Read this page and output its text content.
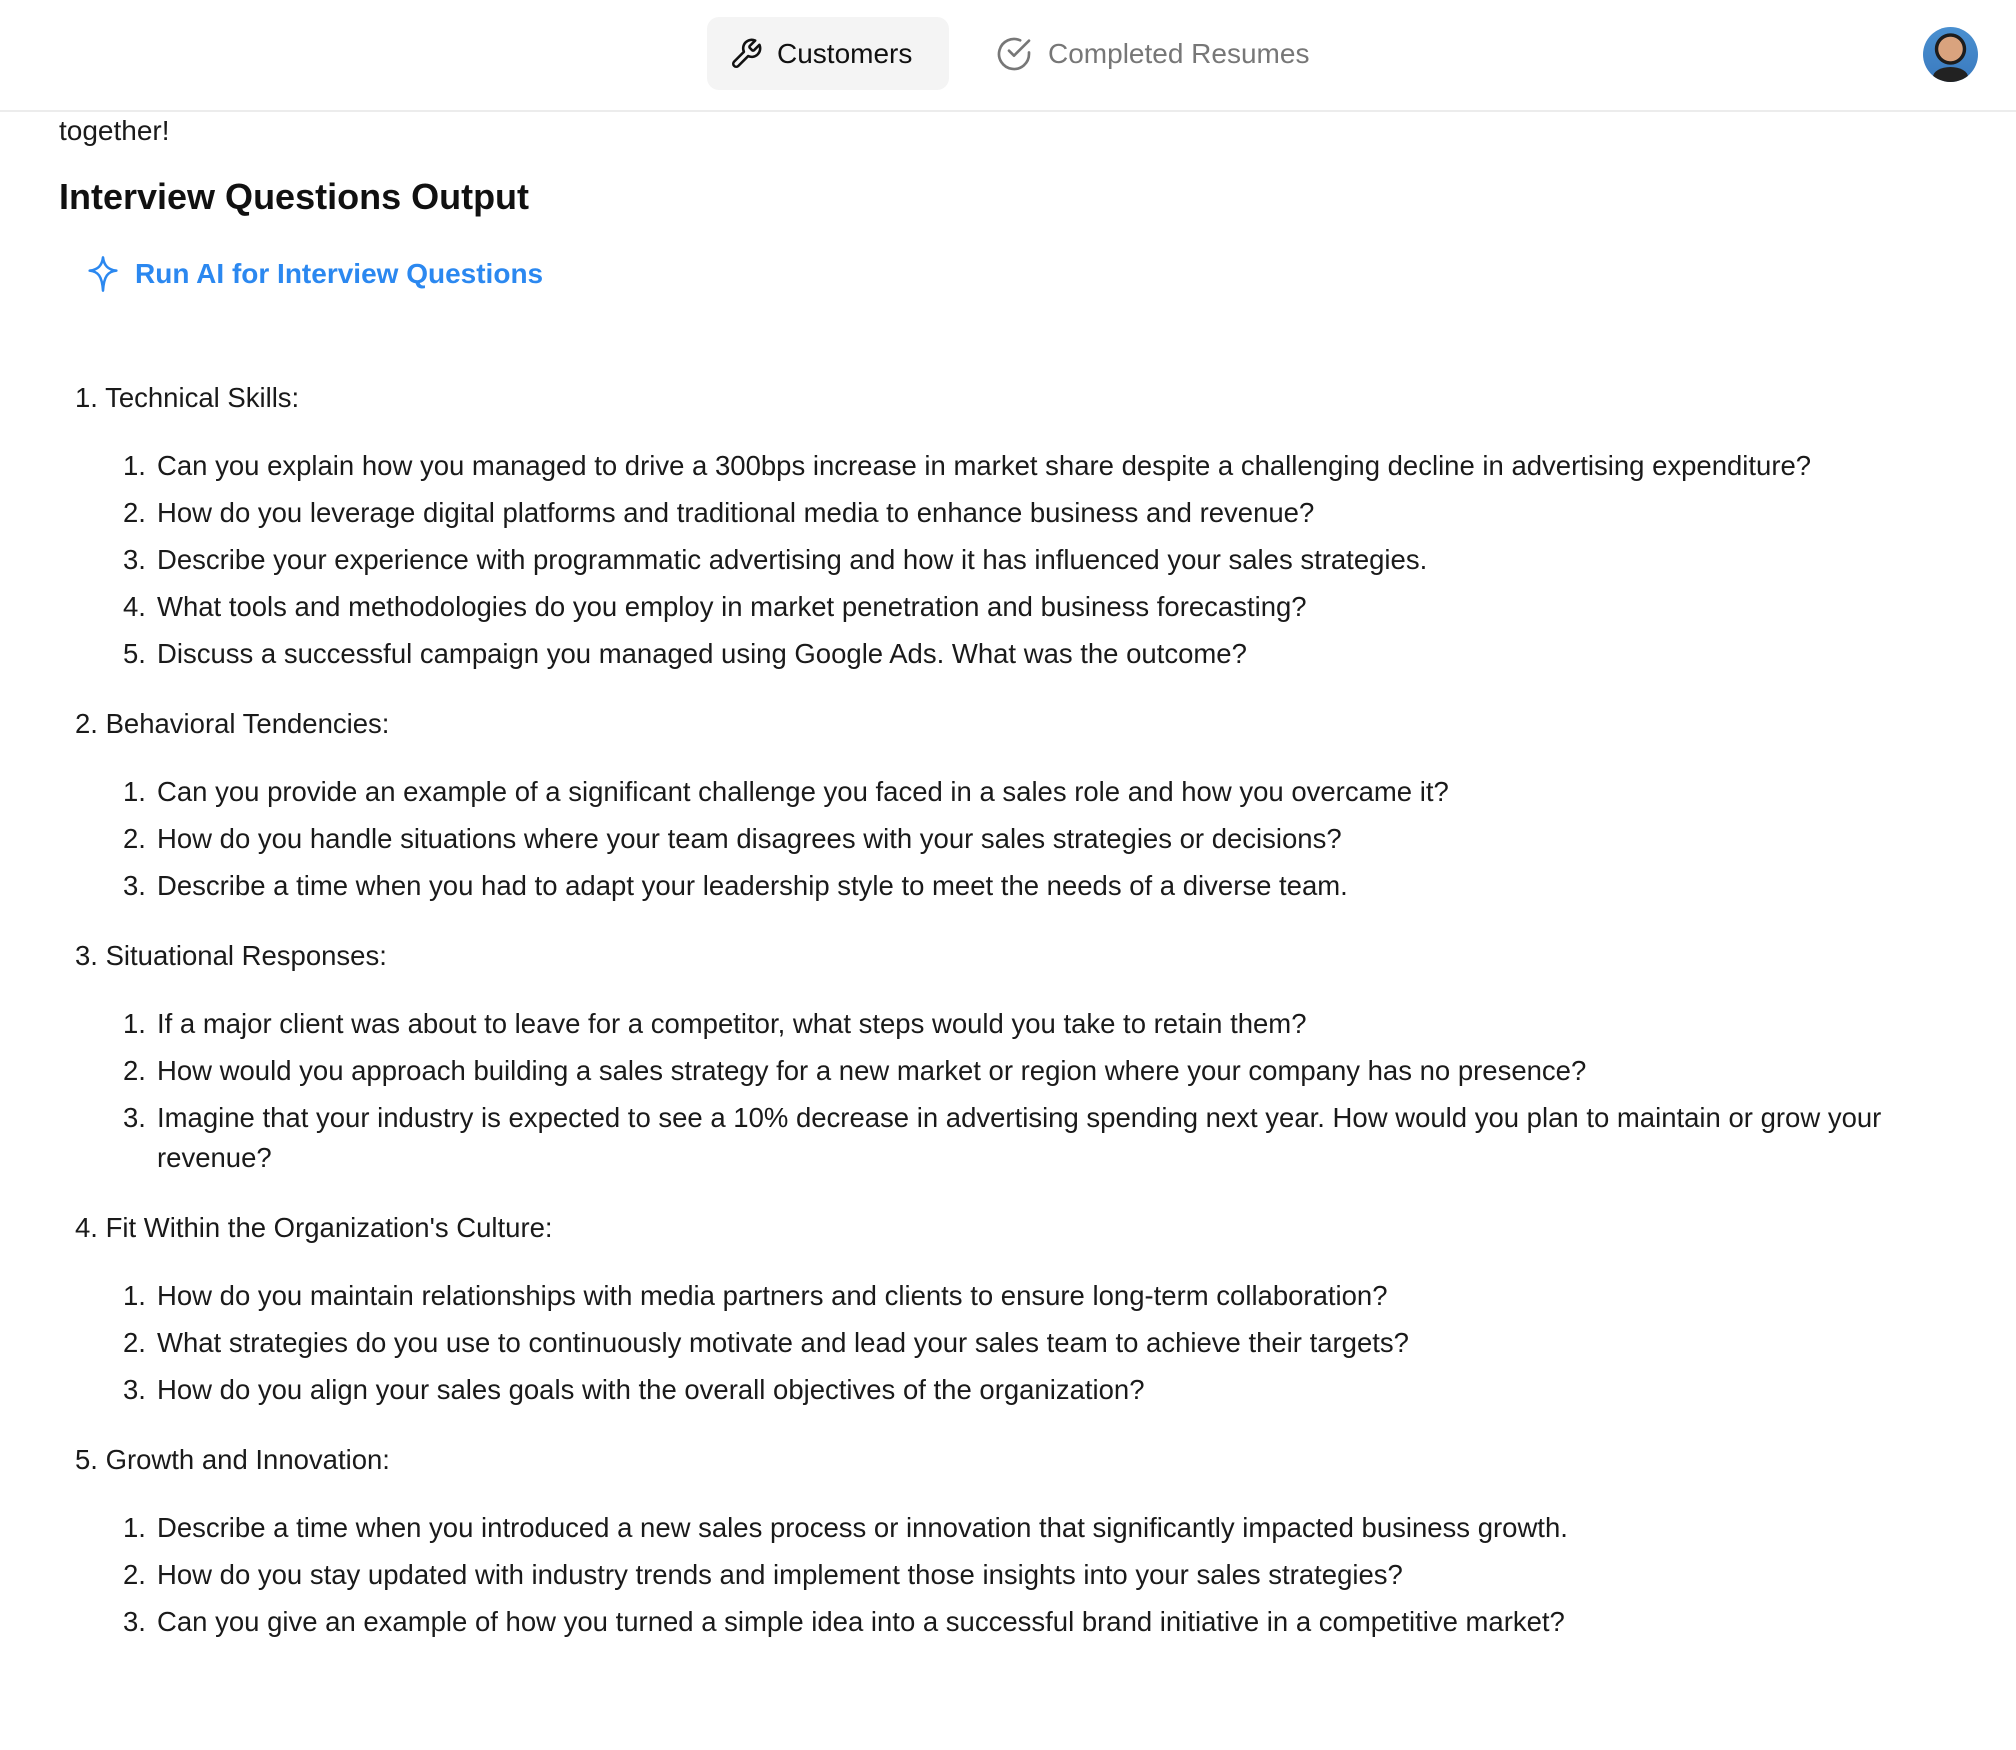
Customers	Completed Resumes
together!
Interview Questions Output
Run AI for Interview Questions
1. Technical Skills:
1. Can you explain how you managed to drive a 300bps increase in market share despite a challenging decline in advertising expenditure?
2. How do you leverage digital platforms and traditional media to enhance business and revenue?
3. Describe your experience with programmatic advertising and how it has influenced your sales strategies.
4. What tools and methodologies do you employ in market penetration and business forecasting?
5. Discuss a successful campaign you managed using Google Ads. What was the outcome?
2. Behavioral Tendencies:
1. Can you provide an example of a significant challenge you faced in a sales role and how you overcame it?
2. How do you handle situations where your team disagrees with your sales strategies or decisions?
3. Describe a time when you had to adapt your leadership style to meet the needs of a diverse team.
3. Situational Responses:
1. If a major client was about to leave for a competitor, what steps would you take to retain them?
2. How would you approach building a sales strategy for a new market or region where your company has no presence?
3. Imagine that your industry is expected to see a 10% decrease in advertising spending next year. How would you plan to maintain or grow your revenue?
4. Fit Within the Organization's Culture:
1. How do you maintain relationships with media partners and clients to ensure long-term collaboration?
2. What strategies do you use to continuously motivate and lead your sales team to achieve their targets?
3. How do you align your sales goals with the overall objectives of the organization?
5. Growth and Innovation:
1. Describe a time when you introduced a new sales process or innovation that significantly impacted business growth.
2. How do you stay updated with industry trends and implement those insights into your sales strategies?
3. Can you give an example of how you turned a simple idea into a successful brand initiative in a competitive market?
